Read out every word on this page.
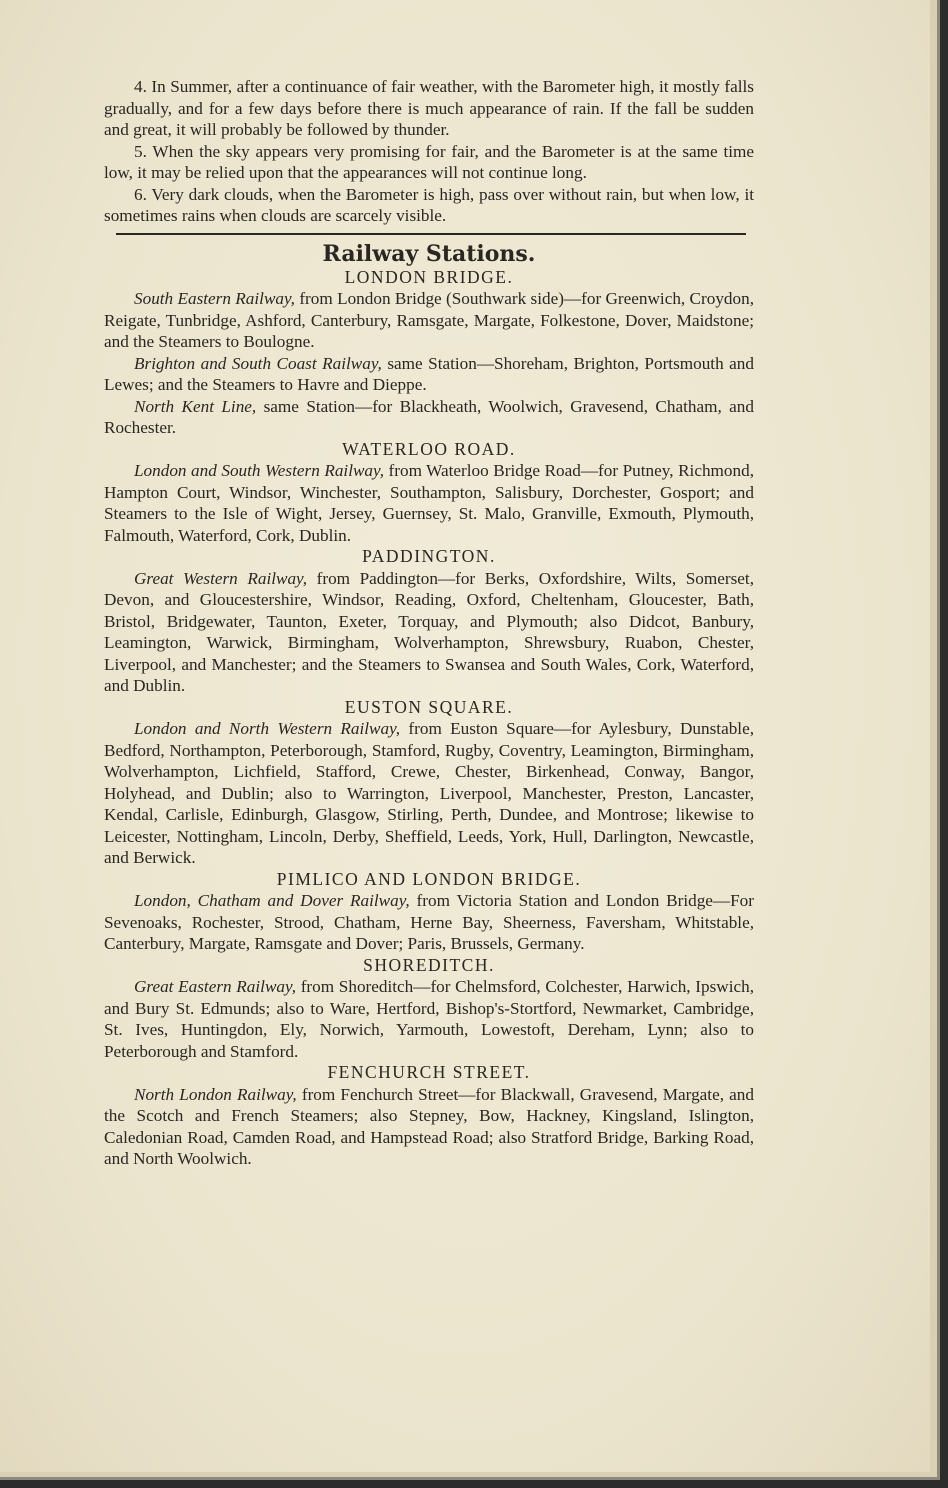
4. In Summer, after a continuance of fair weather, with the Barometer high, it mostly falls gradually, and for a few days before there is much appearance of rain. If the fall be sudden and great, it will probably be followed by thunder.

5. When the sky appears very promising for fair, and the Barometer is at the same time low, it may be relied upon that the appearances will not continue long.

6. Very dark clouds, when the Barometer is high, pass over without rain, but when low, it sometimes rains when clouds are scarcely visible.

Railway Stations.
LONDON BRIDGE.

South Eastern Railway, from London Bridge (Southwark side)—for Greenwich, Croydon, Reigate, Tunbridge, Ashford, Canterbury, Ramsgate, Margate, Folkestone, Dover, Maidstone; and the Steamers to Boulogne.

Brighton and South Coast Railway, same Station—Shoreham, Brighton, Portsmouth and Lewes; and the Steamers to Havre and Dieppe.

North Kent Line, same Station—for Blackheath, Woolwich, Gravesend, Chatham, and Rochester.

WATERLOO ROAD.

London and South Western Railway, from Waterloo Bridge Road—for Putney, Richmond, Hampton Court, Windsor, Winchester, Southampton, Salisbury, Dorchester, Gosport; and Steamers to the Isle of Wight, Jersey, Guernsey, St. Malo, Granville, Exmouth, Plymouth, Falmouth, Waterford, Cork, Dublin.

PADDINGTON.

Great Western Railway, from Paddington—for Berks, Oxfordshire, Wilts, Somerset, Devon, and Gloucestershire, Windsor, Reading, Oxford, Cheltenham, Gloucester, Bath, Bristol, Bridgewater, Taunton, Exeter, Torquay, and Plymouth; also Didcot, Banbury, Leamington, Warwick, Birmingham, Wolverhampton, Shrewsbury, Ruabon, Chester, Liverpool, and Manchester; and the Steamers to Swansea and South Wales, Cork, Waterford, and Dublin.

EUSTON SQUARE.

London and North Western Railway, from Euston Square—for Aylesbury, Dunstable, Bedford, Northampton, Peterborough, Stamford, Rugby, Coventry, Leamington, Birmingham, Wolverhampton, Lichfield, Stafford, Crewe, Chester, Birkenhead, Conway, Bangor, Holyhead, and Dublin; also to Warrington, Liverpool, Manchester, Preston, Lancaster, Kendal, Carlisle, Edinburgh, Glasgow, Stirling, Perth, Dundee, and Montrose; likewise to Leicester, Nottingham, Lincoln, Derby, Sheffield, Leeds, York, Hull, Darlington, Newcastle, and Berwick.

PIMLICO AND LONDON BRIDGE.

London, Chatham and Dover Railway, from Victoria Station and London Bridge—For Sevenoaks, Rochester, Strood, Chatham, Herne Bay, Sheerness, Faversham, Whitstable, Canterbury, Margate, Ramsgate and Dover; Paris, Brussels, Germany.

SHOREDITCH.

Great Eastern Railway, from Shoreditch—for Chelmsford, Colchester, Harwich, Ipswich, and Bury St. Edmunds; also to Ware, Hertford, Bishop's-Stortford, Newmarket, Cambridge, St. Ives, Huntingdon, Ely, Norwich, Yarmouth, Lowestoft, Dereham, Lynn; also to Peterborough and Stamford.

FENCHURCH STREET.

North London Railway, from Fenchurch Street—for Blackwall, Gravesend, Margate, and the Scotch and French Steamers; also Stepney, Bow, Hackney, Kingsland, Islington, Caledonian Road, Camden Road, and Hampstead Road; also Stratford Bridge, Barking Road, and North Woolwich.
